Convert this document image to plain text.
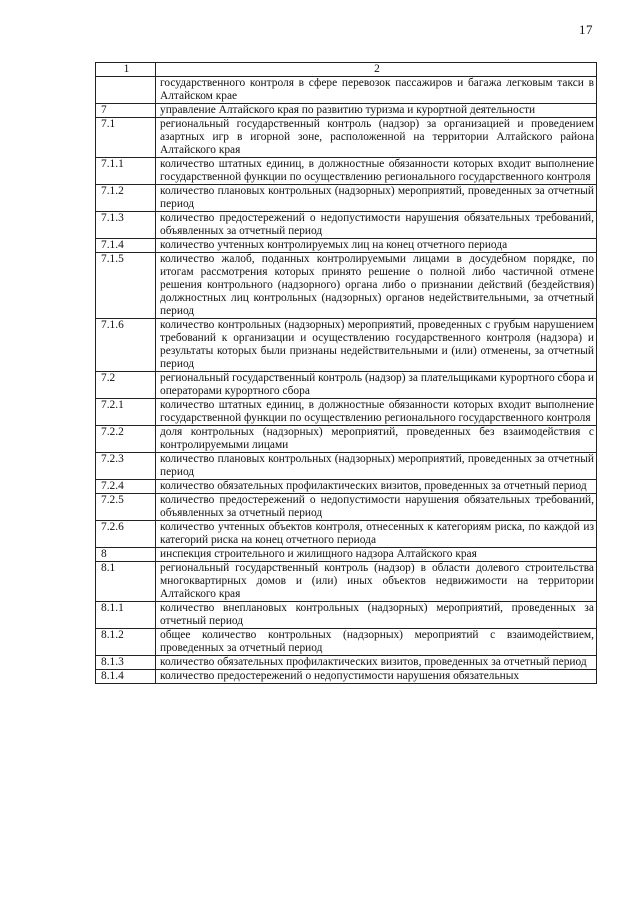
17
1	2
	государственного контроля в сфере перевозок пассажиров и багажа легковым такси в Алтайском крае
7	управление Алтайского края по развитию туризма и курортной деятельности
7.1	региональный государственный контроль (надзор) за организацией и проведением азартных игр в игорной зоне, расположенной на территории Алтайского района Алтайского края
7.1.1	количество штатных единиц, в должностные обязанности которых входит выполнение государственной функции по осуществлению регионального государственного контроля
7.1.2	количество плановых контрольных (надзорных) мероприятий, проведенных за отчетный период
7.1.3	количество предостережений о недопустимости нарушения обязательных требований, объявленных за отчетный период
7.1.4	количество учтенных контролируемых лиц на конец отчетного периода
7.1.5	количество жалоб, поданных контролируемыми лицами в досудебном порядке, по итогам рассмотрения которых принято решение о полной либо частичной отмене решения контрольного (надзорного) органа либо о признании действий (бездействия) должностных лиц контрольных (надзорных) органов недействительными, за отчетный период
7.1.6	количество контрольных (надзорных) мероприятий, проведенных с грубым нарушением требований к организации и осуществлению государственного контроля (надзора) и результаты которых были признаны недействительными и (или) отменены, за отчетный период
7.2	региональный государственный контроль (надзор) за плательщиками курортного сбора и операторами курортного сбора
7.2.1	количество штатных единиц, в должностные обязанности которых входит выполнение государственной функции по осуществлению регионального государственного контроля
7.2.2	доля контрольных (надзорных) мероприятий, проведенных без взаимодействия с контролируемыми лицами
7.2.3	количество плановых контрольных (надзорных) мероприятий, проведенных за отчетный период
7.2.4	количество обязательных профилактических визитов, проведенных за отчетный период
7.2.5	количество предостережений о недопустимости нарушения обязательных требований, объявленных за отчетный период
7.2.6	количество учтенных объектов контроля, отнесенных к категориям риска, по каждой из категорий риска на конец отчетного периода
8	инспекция строительного и жилищного надзора Алтайского края
8.1	региональный государственный контроль (надзор) в области долевого строительства многоквартирных домов и (или) иных объектов недвижимости на территории Алтайского края
8.1.1	количество внеплановых контрольных (надзорных) мероприятий, проведенных за отчетный период
8.1.2	общее количество контрольных (надзорных) мероприятий с взаимодействием, проведенных за отчетный период
8.1.3	количество обязательных профилактических визитов, проведенных за отчетный период
8.1.4	количество предостережений о недопустимости нарушения обязательных
